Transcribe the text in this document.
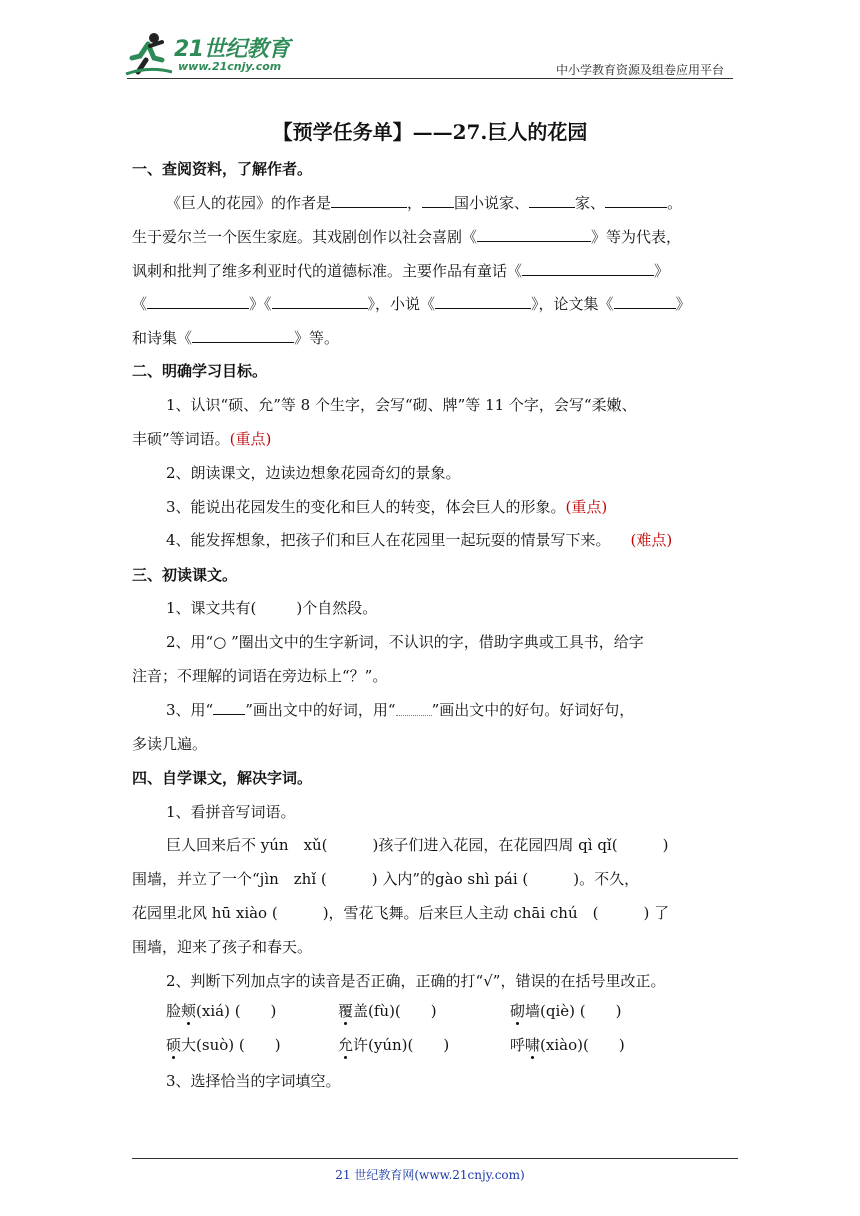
21世纪教育
www.21cnjy.com	中小学教育资源及组卷应用平台
【预学任务单】——27.巨人的花园
一、查阅资料，了解作者。
《巨人的花园》的作者是	， 国小说家、	家、	。
生于爱尔兰一个医生家庭。其戏剧创作以社会喜剧《	》等为代表，
讽刺和批判了维多利亚时代的道德标准。主要作品有童话《	》
《	》《	》，小说《	》，论文集《	》
和诗集《	》等。
二、明确学习目标。
1、认识“硕、允”等 8 个生字，会写“砌、牌”等 11 个字，会写“柔嫩、
丰硕”等词语。(重点)
2、朗读课文，边读边想象花园奇幻的景象。
3、能说出花园发生的变化和巨人的转变，体会巨人的形象。(重点)
4、能发挥想象，把孩子们和巨人在花园里一起玩耍的情景写下来。 (难点)
三、初读课文。
1、课文共有(	)个自然段。
2、用“○ ”圈出文中的生字新词，不认识的字，借助字典或工具书，给字
注音；不理解的词语在旁边标上“？”。
3、用“ ”画出文中的好词，用“ ”画出文中的好句。好词好句，
多读几遍。
四、自学课文，解决字词。
1、看拼音写词语。
巨人回来后不 yún　xǔ(　　　)孩子们进入花园，在花园四周 qì qǐ(　　　)
围墙，并立了一个“jìn　zhǐ (　　　) 入内”的gào shì pái (　　　)。不久，
花园里北风 hū xiào (　　　)，雪花飞舞。后来巨人主动 chāi chú　(　　　) 了
围墙，迎来了孩子和春天。
2、判断下列加点字的读音是否正确，正确的打“√”，错误的在括号里改正。
脸颊(xiá) (　　)	覆盖(fù)(　　)	砌墙(qiè) (　　)
硕大(suò) (　　)	允许(yún)(　　)	呼啸(xiào)(　　)
3、选择恰当的字词填空。
21 世纪教育网(www.21cnjy.com)
